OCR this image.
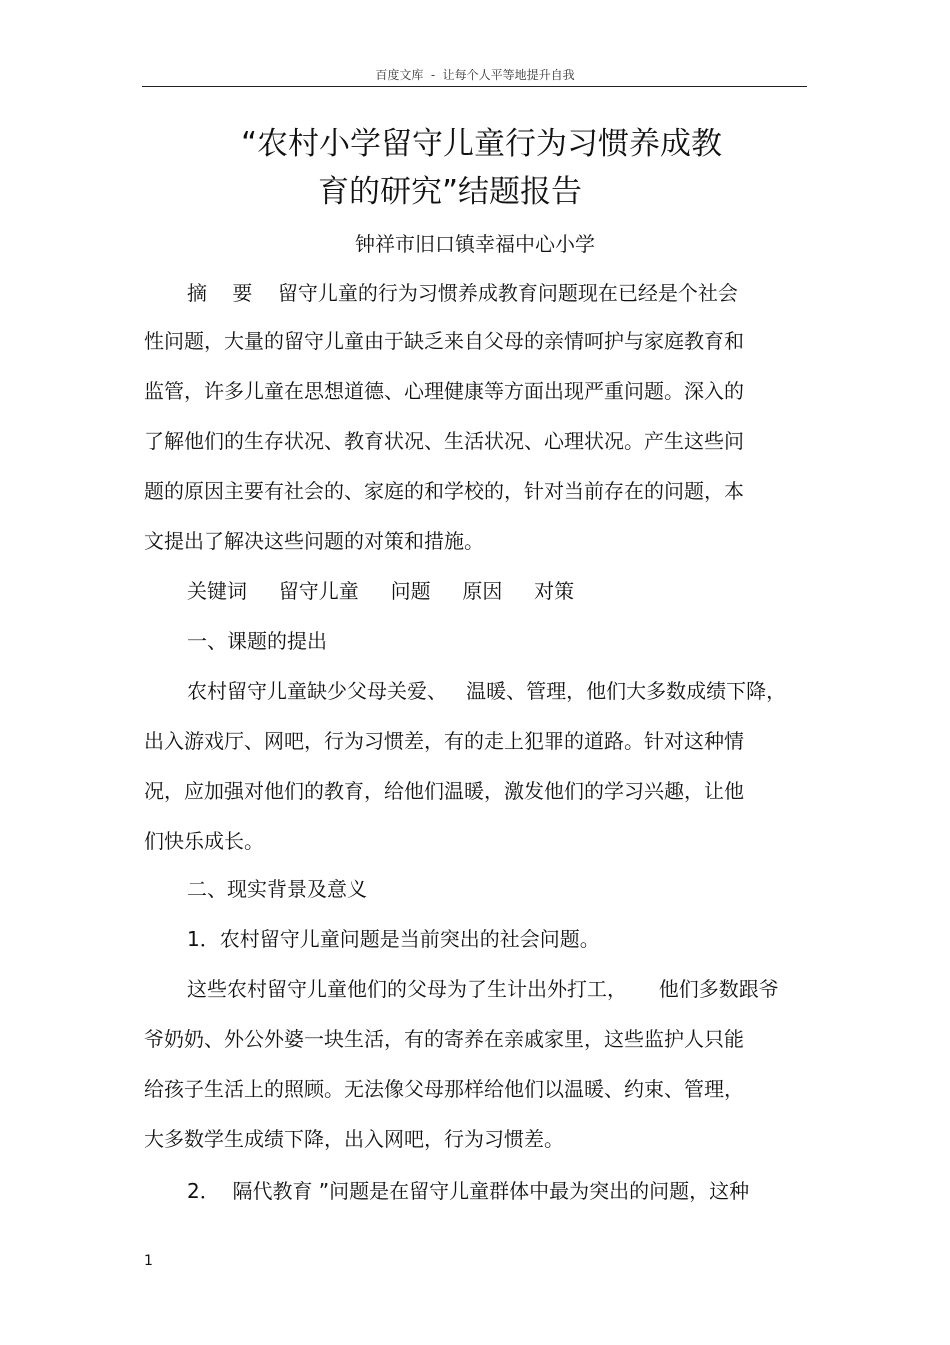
百度文库  -  让每个人平等地提升自我
“农村小学留守儿童行为习惯养成教
育的研究”结题报告
钟祥市旧口镇幸福中心小学
摘    要    留守儿童的行为习惯养成教育问题现在已经是个社会
性问题，大量的留守儿童由于缺乏来自父母的亲情呵护与家庭教育和
监管，许多儿童在思想道德、心理健康等方面出现严重问题。深入的
了解他们的生存状况、教育状况、生活状况、心理状况。产生这些问
题的原因主要有社会的、家庭的和学校的，针对当前存在的问题，本
文提出了解决这些问题的对策和措施。
关键词     留守儿童     问题     原因     对策
一、课题的提出
农村留守儿童缺少父母关爱、   温暖、管理，他们大多数成绩下降，
出入游戏厅、网吧，行为习惯差，有的走上犯罪的道路。针对这种情
况，应加强对他们的教育，给他们温暖，激发他们的学习兴趣，让他
们快乐成长。
二、现实背景及意义
1．农村留守儿童问题是当前突出的社会问题。
这些农村留守儿童他们的父母为了生计出外打工，     他们多数跟爷
爷奶奶、外公外婆一块生活，有的寄养在亲戚家里，这些监护人只能
给孩子生活上的照顾。无法像父母那样给他们以温暖、约束、管理，
大多数学生成绩下降，出入网吧，行为习惯差。
2．  隔代教育 ”问题是在留守儿童群体中最为突出的问题，这种
1
